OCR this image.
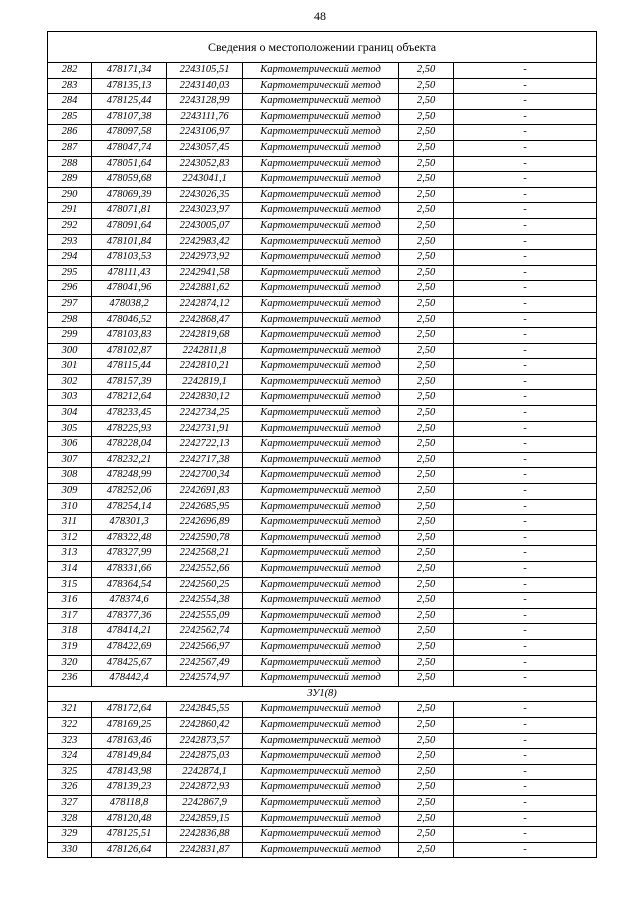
48
Сведения о местоположении границ объекта					
282	478171,34	2243105,51	Картометрический метод	2,50	-
283	478135,13	2243140,03	Картометрический метод	2,50	-
284	478125,44	2243128,99	Картометрический метод	2,50	-
285	478107,38	2243111,76	Картометрический метод	2,50	-
286	478097,58	2243106,97	Картометрический метод	2,50	-
287	478047,74	2243057,45	Картометрический метод	2,50	-
288	478051,64	2243052,83	Картометрический метод	2,50	-
289	478059,68	2243041,1	Картометрический метод	2,50	-
290	478069,39	2243026,35	Картометрический метод	2,50	-
291	478071,81	2243023,97	Картометрический метод	2,50	-
292	478091,64	2243005,07	Картометрический метод	2,50	-
293	478101,84	2242983,42	Картометрический метод	2,50	-
294	478103,53	2242973,92	Картометрический метод	2,50	-
295	478111,43	2242941,58	Картометрический метод	2,50	-
296	478041,96	2242881,62	Картометрический метод	2,50	-
297	478038,2	2242874,12	Картометрический метод	2,50	-
298	478046,52	2242868,47	Картометрический метод	2,50	-
299	478103,83	2242819,68	Картометрический метод	2,50	-
300	478102,87	2242811,8	Картометрический метод	2,50	-
301	478115,44	2242810,21	Картометрический метод	2,50	-
302	478157,39	2242819,1	Картометрический метод	2,50	-
303	478212,64	2242830,12	Картометрический метод	2,50	-
304	478233,45	2242734,25	Картометрический метод	2,50	-
305	478225,93	2242731,91	Картометрический метод	2,50	-
306	478228,04	2242722,13	Картометрический метод	2,50	-
307	478232,21	2242717,38	Картометрический метод	2,50	-
308	478248,99	2242700,34	Картометрический метод	2,50	-
309	478252,06	2242691,83	Картометрический метод	2,50	-
310	478254,14	2242685,95	Картометрический метод	2,50	-
311	478301,3	2242696,89	Картометрический метод	2,50	-
312	478322,48	2242590,78	Картометрический метод	2,50	-
313	478327,99	2242568,21	Картометрический метод	2,50	-
314	478331,66	2242552,66	Картометрический метод	2,50	-
315	478364,54	2242560,25	Картометрический метод	2,50	-
316	478374,6	2242554,38	Картометрический метод	2,50	-
317	478377,36	2242555,09	Картометрический метод	2,50	-
318	478414,21	2242562,74	Картометрический метод	2,50	-
319	478422,69	2242566,97	Картометрический метод	2,50	-
320	478425,67	2242567,49	Картометрический метод	2,50	-
236	478442,4	2242574,97	Картометрический метод	2,50	-
ЗУ1(8)					
321	478172,64	2242845,55	Картометрический метод	2,50	-
322	478169,25	2242860,42	Картометрический метод	2,50	-
323	478163,46	2242873,57	Картометрический метод	2,50	-
324	478149,84	2242875,03	Картометрический метод	2,50	-
325	478143,98	2242874,1	Картометрический метод	2,50	-
326	478139,23	2242872,93	Картометрический метод	2,50	-
327	478118,8	2242867,9	Картометрический метод	2,50	-
328	478120,48	2242859,15	Картометрический метод	2,50	-
329	478125,51	2242836,88	Картометрический метод	2,50	-
330	478126,64	2242831,87	Картометрический метод	2,50	-
